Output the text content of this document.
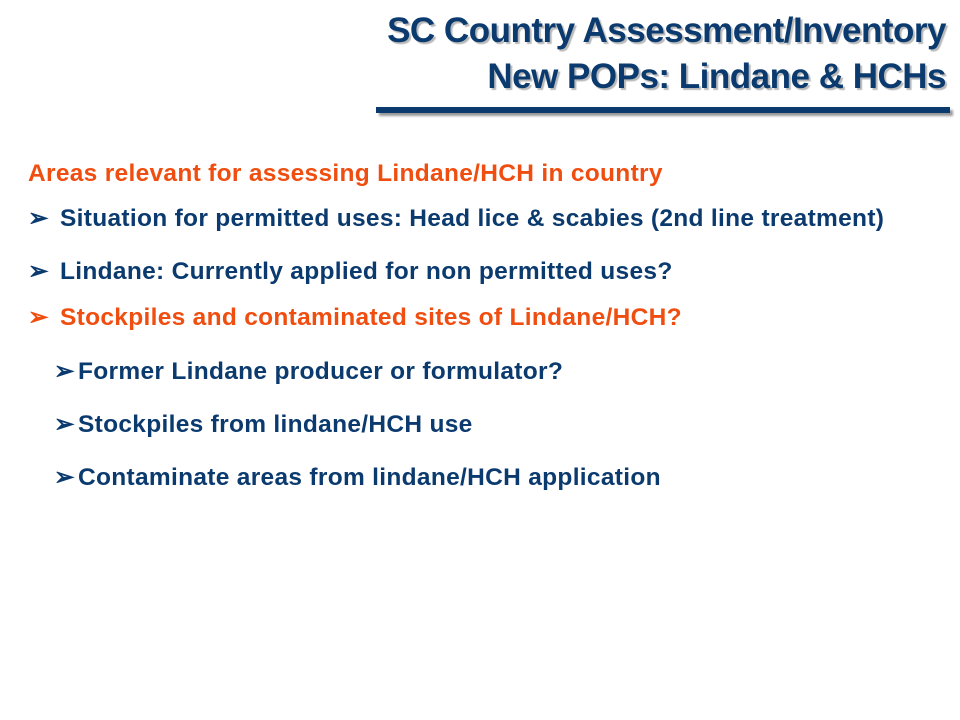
SC Country Assessment/Inventory
New POPs: Lindane & HCHs
Areas relevant for assessing Lindane/HCH in country
➢ Situation for permitted uses: Head lice & scabies (2nd line treatment)
➢ Lindane: Currently applied for non permitted uses?
➢ Stockpiles and contaminated sites of Lindane/HCH?
➢ Former Lindane producer or formulator?
➢ Stockpiles from lindane/HCH use
➢ Contaminate areas from lindane/HCH application
